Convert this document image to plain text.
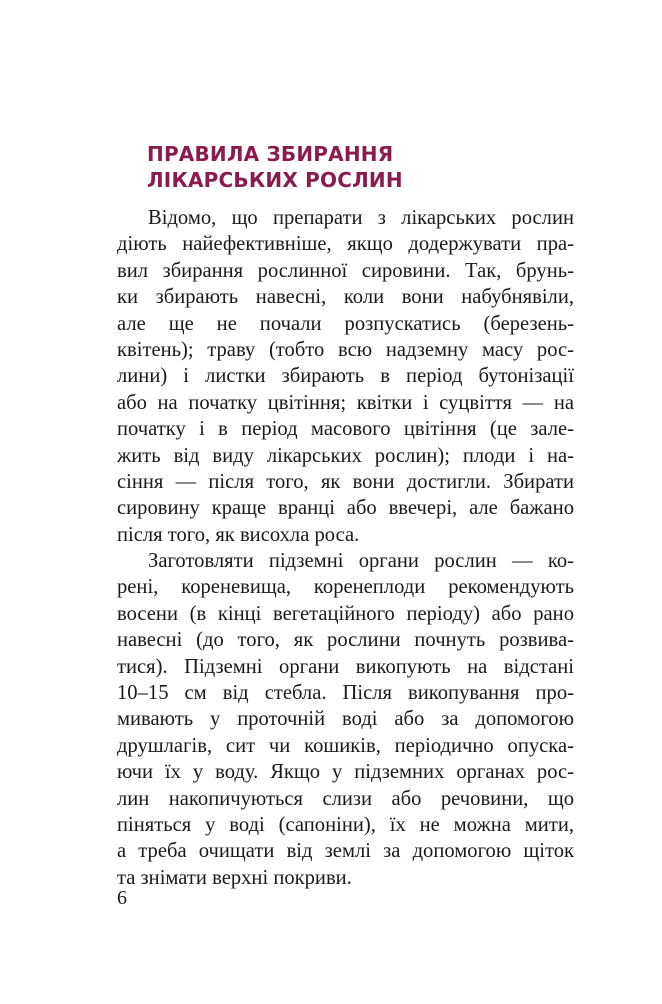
ПРАВИЛА ЗБИРАННЯ
ЛІКАРСЬКИХ РОСЛИН
Відомо, що препарати з лікарських рослин
діють найефективніше, якщо додержувати пра-
вил збирання рослинної сировини. Так, брунь-
ки збирають навесні, коли вони набубнявіли,
але ще не почали розпускатись (березень-
квітень); траву (тобто всю надземну масу рос-
лини) і листки збирають в період бутонізації
або на початку цвітіння; квітки і суцвіття — на
початку і в період масового цвітіння (це зале-
жить від виду лікарських рослин); плоди і на-
сіння — після того, як вони достигли. Збирати
сировину краще вранці або ввечері, але бажано
після того, як висохла роса.
Заготовляти підземні органи рослин — ко-
рені, кореневища, коренеплоди рекомендують
восени (в кінці вегетаційного періоду) або рано
навесні (до того, як рослини почнуть розвива-
тися). Підземні органи викопують на відстані
10–15 см від стебла. Після викопування про-
мивають у проточній воді або за допомогою
друшлагів, сит чи кошиків, періодично опуска-
ючи їх у воду. Якщо у підземних органах рос-
лин накопичуються слизи або речовини, що
піняться у воді (сапоніни), їх не можна мити,
а треба очищати від землі за допомогою щіток
та знімати верхні покриви.
6
